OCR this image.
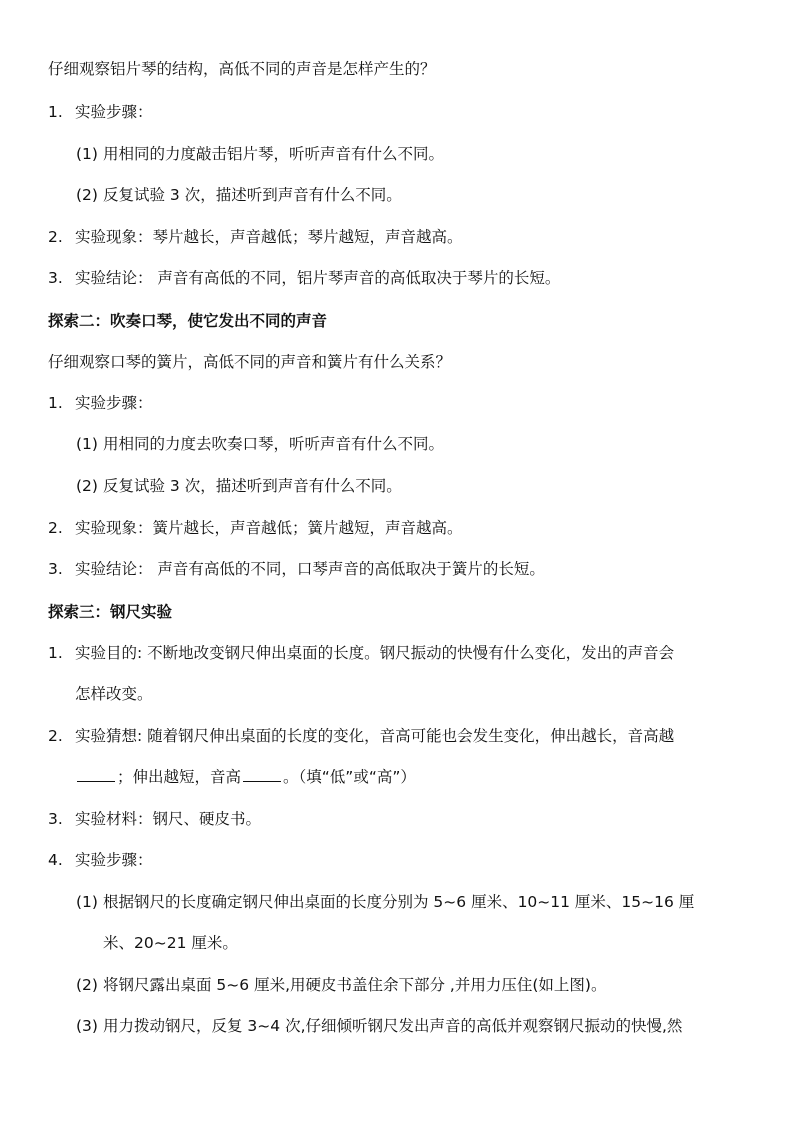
仔细观察铝片琴的结构，高低不同的声音是怎样产生的？
1. 实验步骤：
(1) 用相同的力度敲击铝片琴，听听声音有什么不同。
(2) 反复试验 3 次，描述听到声音有什么不同。
2. 实验现象：琴片越长，声音越低；琴片越短，声音越高。
3. 实验结论： 声音有高低的不同，铝片琴声音的高低取决于琴片的长短。
探索二：吹奏口琴，使它发出不同的声音
仔细观察口琴的簧片，高低不同的声音和簧片有什么关系？
1. 实验步骤：
(1) 用相同的力度去吹奏口琴，听听声音有什么不同。
(2) 反复试验 3 次，描述听到声音有什么不同。
2. 实验现象：簧片越长，声音越低；簧片越短，声音越高。
3. 实验结论： 声音有高低的不同，口琴声音的高低取决于簧片的长短。
探索三：钢尺实验
1. 实验目的: 不断地改变钢尺伸出桌面的长度。钢尺振动的快慢有什么变化，发出的声音会
怎样改变。
2. 实验猜想: 随着钢尺伸出桌面的长度的变化，音高可能也会发生变化，伸出越长，音高越
；伸出越短，音高	。（填“低”或“高”）
3. 实验材料：钢尺、硬皮书。
4. 实验步骤：
(1) 根据钢尺的长度确定钢尺伸出桌面的长度分别为 5~6 厘米、10~11 厘米、15~16 厘
米、20~21 厘米。
(2) 将钢尺露出桌面 5~6 厘米,用硬皮书盖住余下部分 ,并用力压住(如上图)。
(3) 用力拨动钢尺，反复 3~4 次,仔细倾听钢尺发出声音的高低并观察钢尺振动的快慢,然
